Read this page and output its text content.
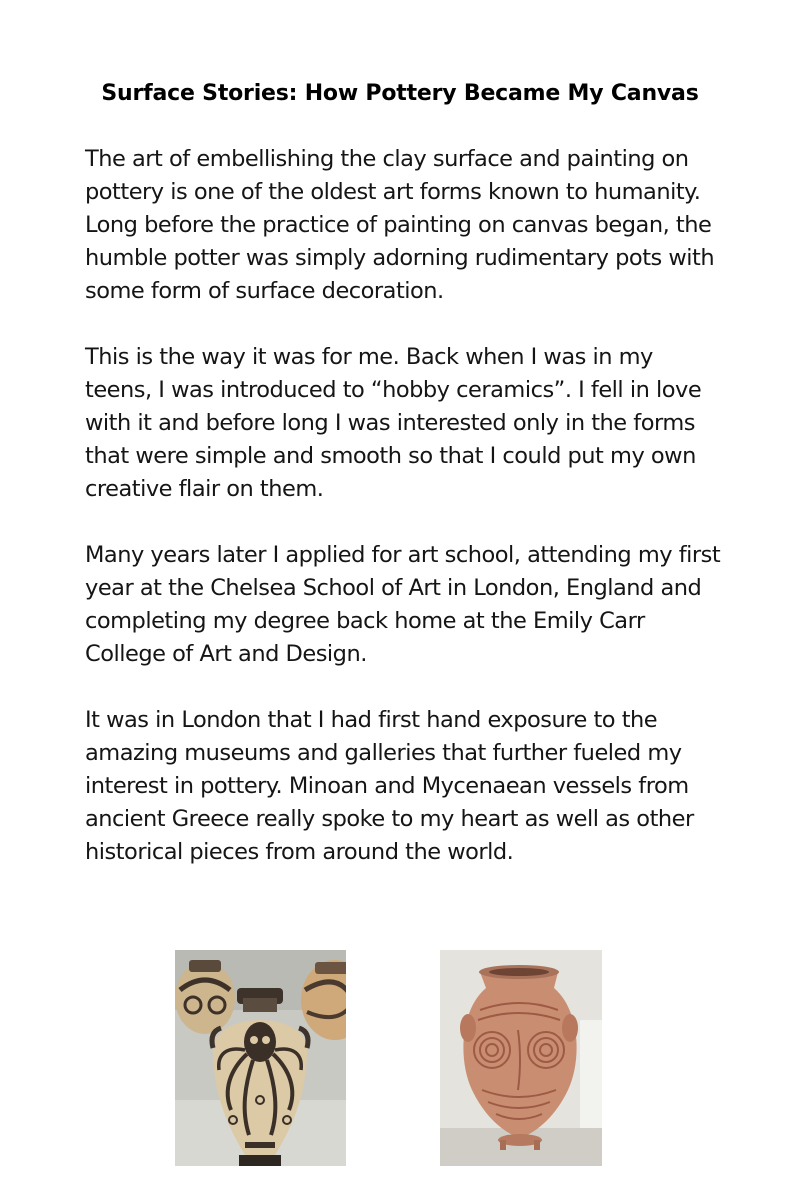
Surface Stories: How Pottery Became My Canvas

The art of embellishing the clay surface and painting on pottery is one of the oldest art forms known to humanity. Long before the practice of painting on canvas began, the humble potter was simply adorning rudimentary pots with some form of surface decoration.

This is the way it was for me. Back when I was in my teens, I was introduced to “hobby ceramics”. I fell in love with it and before long I was interested only in the forms that were simple and smooth so that I could put my own creative flair on them.

Many years later I applied for art school, attending my first year at the Chelsea School of Art in London, England and completing my degree back home at the Emily Carr College of Art and Design.

It was in London that I had first hand exposure to the amazing museums and galleries that further fueled my interest in pottery. Minoan and Mycenaean vessels from ancient Greece really spoke to my heart as well as other historical pieces from around the world.
